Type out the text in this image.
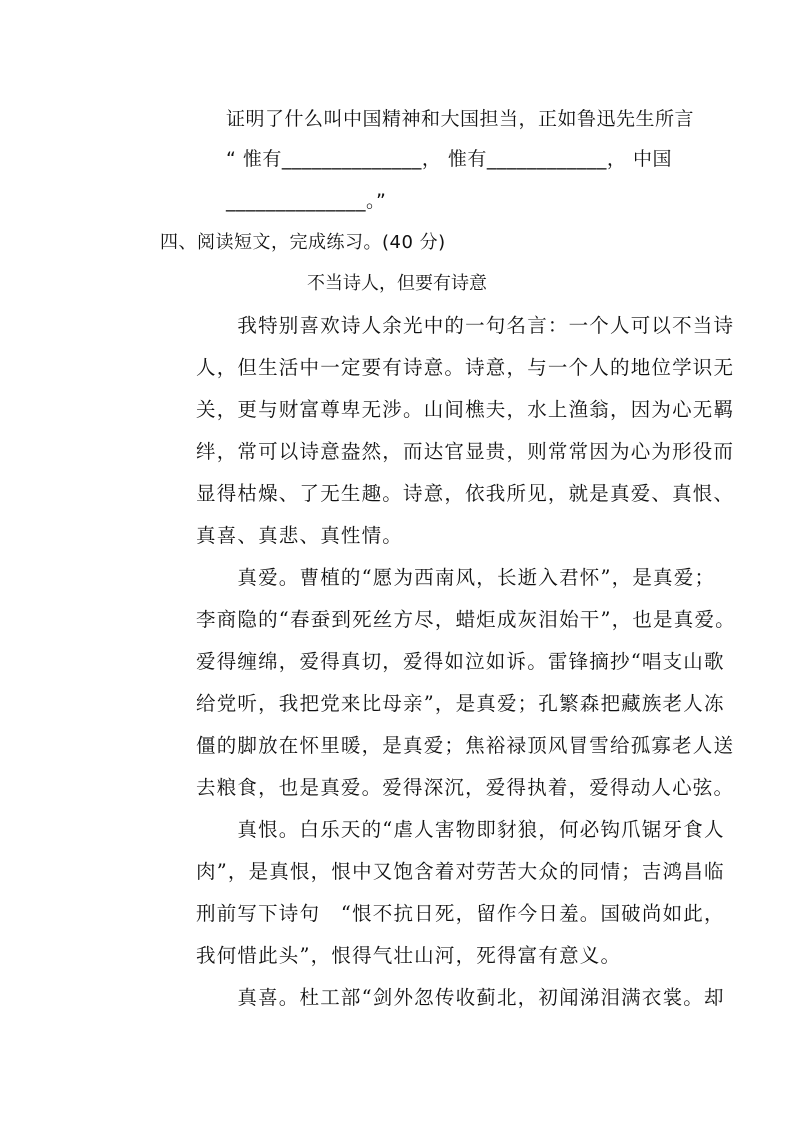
证明了什么叫中国精神和大国担当，正如鲁迅先生所言
“ 惟有______________， 惟有____________， 中国
______________。”
四、阅读短文，完成练习。(40 分)
不当诗人，但要有诗意
　　我特别喜欢诗人余光中的一句名言：一个人可以不当诗
人，但生活中一定要有诗意。诗意，与一个人的地位学识无
关，更与财富尊卑无涉。山间樵夫，水上渔翁，因为心无羁
绊，常可以诗意盎然，而达官显贵，则常常因为心为形役而
显得枯燥、了无生趣。诗意，依我所见，就是真爱、真恨、
真喜、真悲、真性情。
　　真爱。曹植的“愿为西南风，长逝入君怀”，是真爱；
李商隐的“春蚕到死丝方尽，蜡炬成灰泪始干”，也是真爱。
爱得缠绵，爱得真切，爱得如泣如诉。雷锋摘抄“唱支山歌
给党听，我把党来比母亲”，是真爱；孔繁森把藏族老人冻
僵的脚放在怀里暖，是真爱；焦裕禄顶风冒雪给孤寡老人送
去粮食，也是真爱。爱得深沉，爱得执着，爱得动人心弦。
　　真恨。白乐天的“虐人害物即豺狼，何必钩爪锯牙食人
肉”，是真恨，恨中又饱含着对劳苦大众的同情；吉鸿昌临
刑前写下诗句　“恨不抗日死，留作今日羞。国破尚如此，
我何惜此头”，恨得气壮山河，死得富有意义。
　　真喜。杜工部“剑外忽传收蓟北，初闻涕泪满衣裳。却
